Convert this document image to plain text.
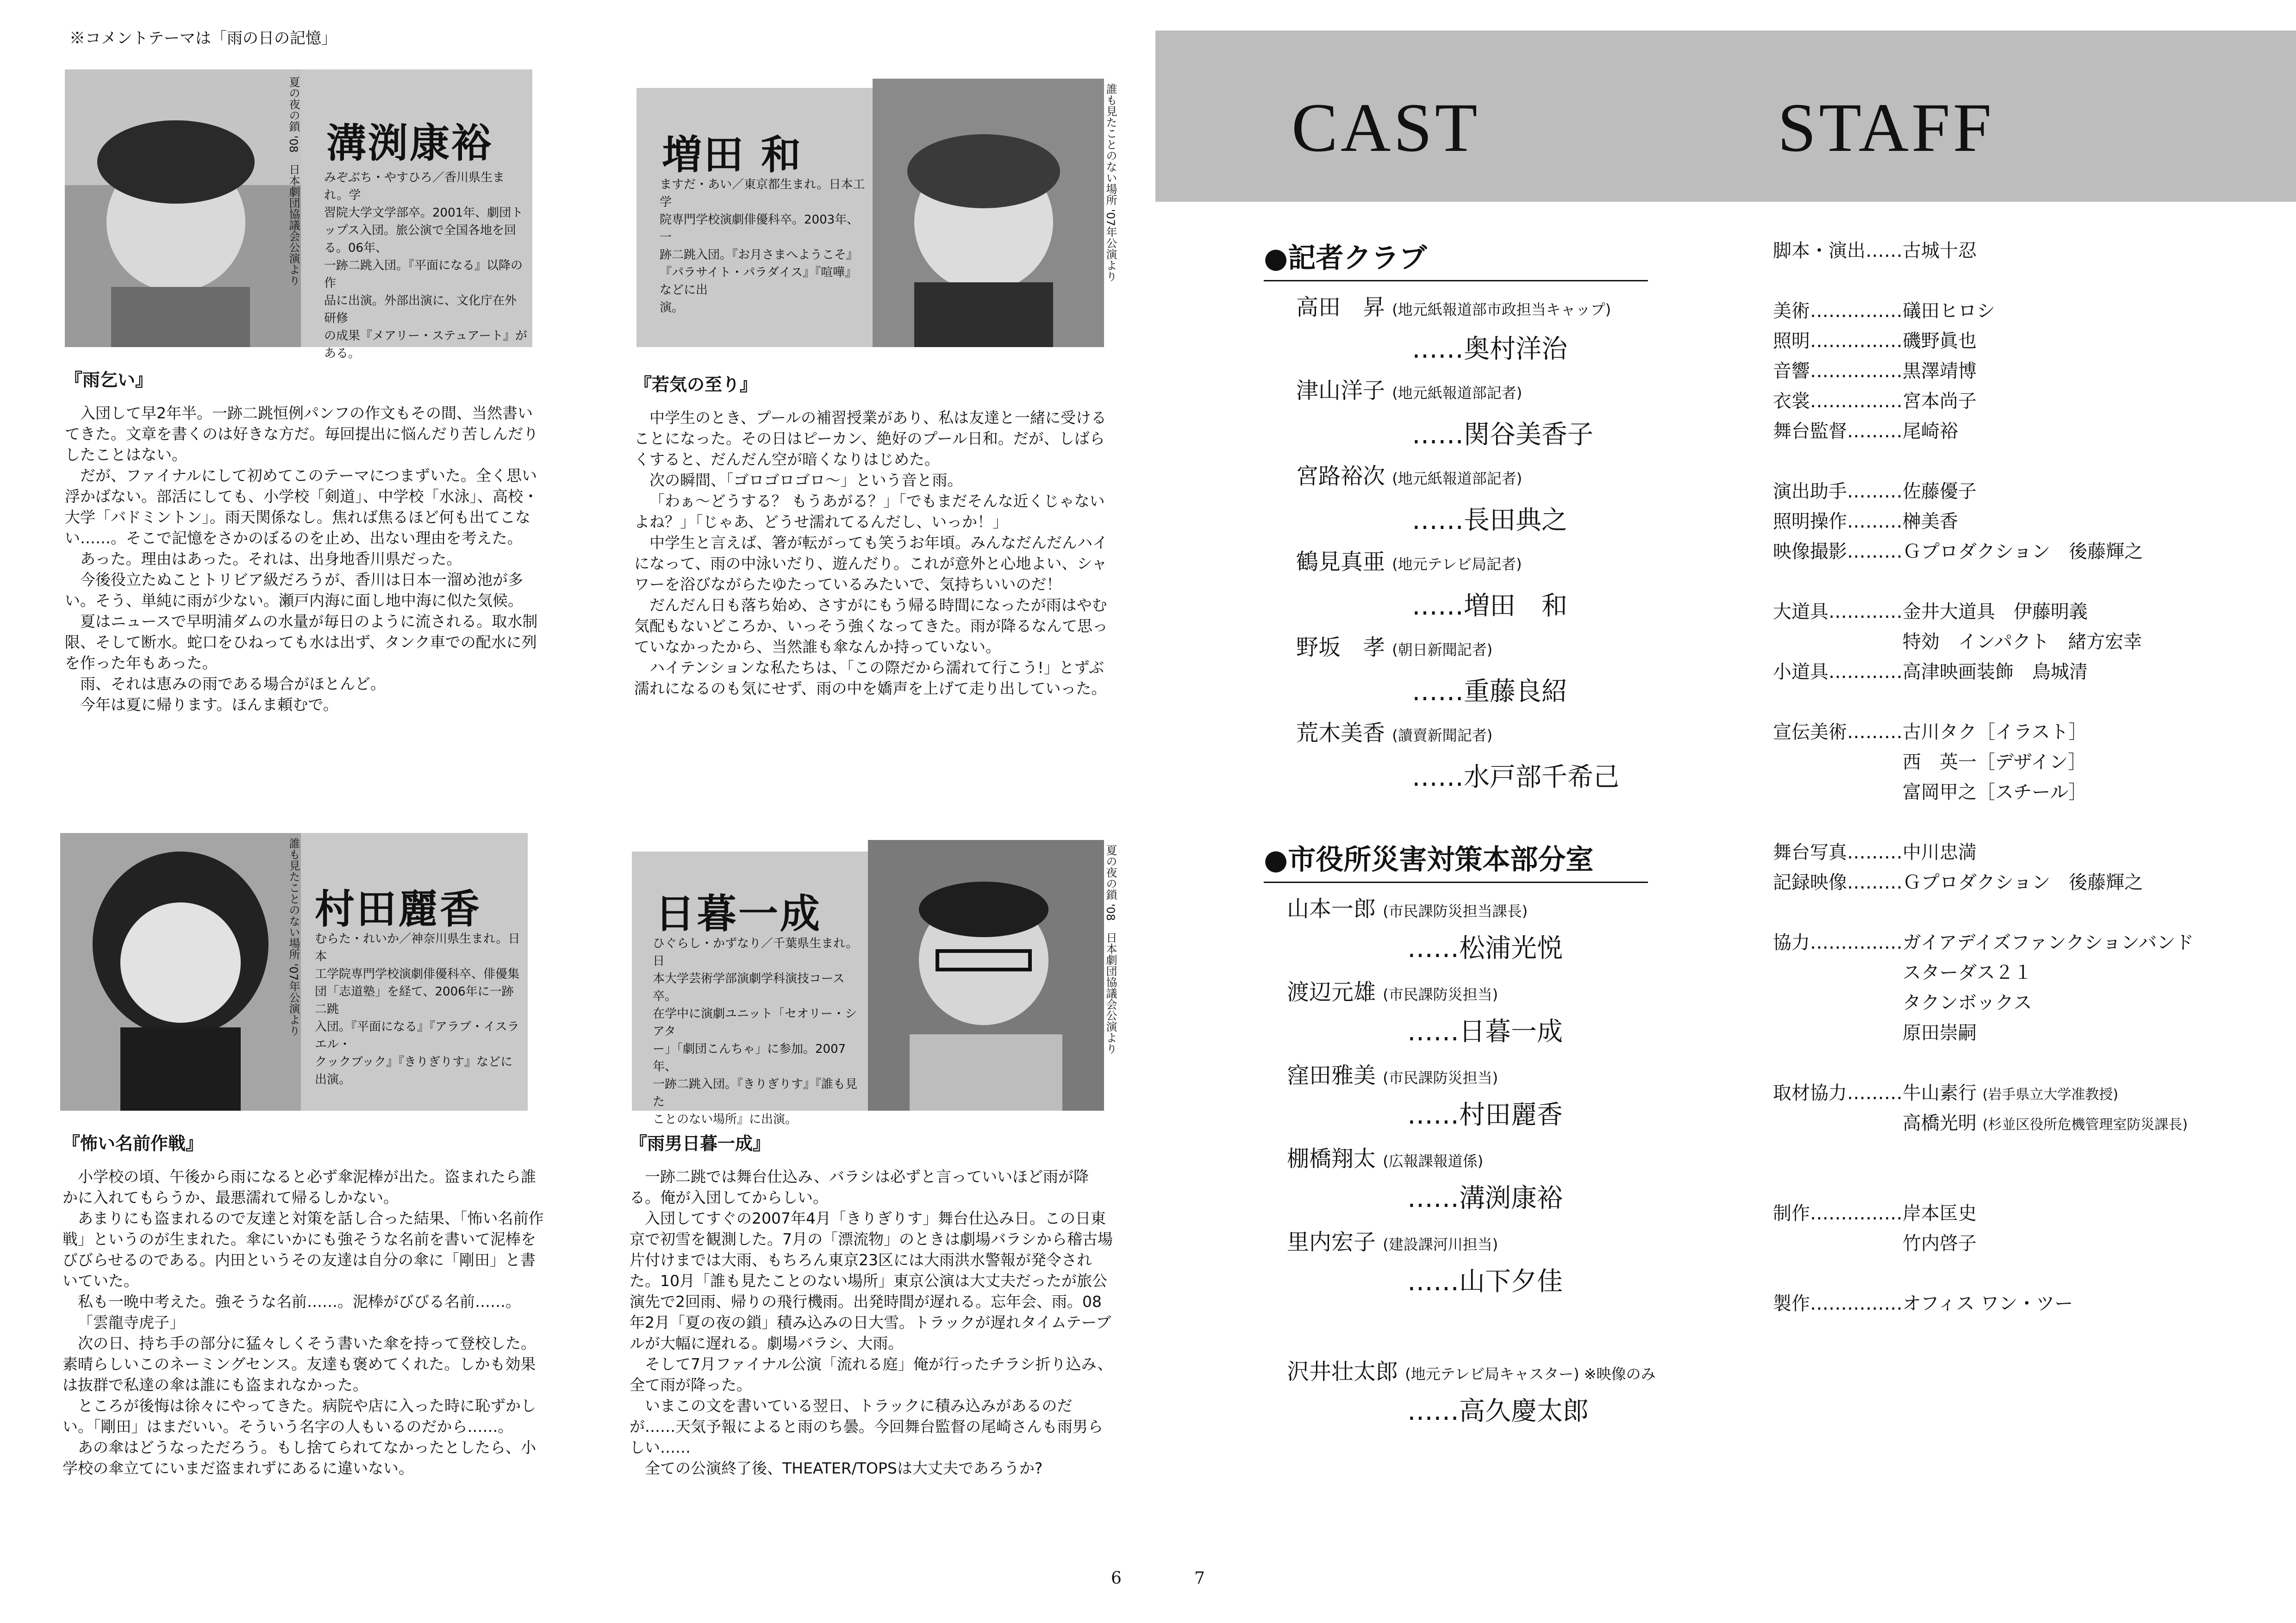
※コメントテーマは「雨の日の記憶」
夏の夜の鎖 '08　日本劇団協議会公演より 溝渕康裕
みぞぶち・やすひろ／香川県生まれ。学
習院大学文学部卒。2001年、劇団ト
ップス入団。旅公演で全国各地を回る。06年、
一跡二跳入団。『平面になる』以降の作
品に出演。外部出演に、文化庁在外研修
の成果『メアリー・ステュアート』がある。
『雨乞い』

入団して早2年半。一跡二跳恒例パンフの作文もその間、当然書いてきた。文章を書くのは好きな方だ。毎回提出に悩んだり苦しんだりしたことはない。

だが、ファイナルにして初めてこのテーマにつまずいた。全く思い浮かばない。部活にしても、小学校「剣道」、中学校「水泳」、高校・大学「バドミントン」。雨天関係なし。焦れば焦るほど何も出てこない……。そこで記憶をさかのぼるのを止め、出ない理由を考えた。

あった。理由はあった。それは、出身地香川県だった。

今後役立たぬことトリビア級だろうが、香川は日本一溜め池が多い。そう、単純に雨が少ない。瀬戸内海に面し地中海に似た気候。

夏はニュースで早明浦ダムの水量が毎日のように流される。取水制限、そして断水。蛇口をひねっても水は出ず、タンク車での配水に列を作った年もあった。

雨、それは恵みの雨である場合がほとんど。

今年は夏に帰ります。ほんま頼むで。

誰も見たことのない場所 '07年公演より
増田 和
ますだ・あい／東京都生まれ。日本工学
院専門学校演劇俳優科卒。2003年、一
跡二跳入団。『お月さまへようこそ』
『パラサイト・パラダイス』『喧嘩』などに出
演。
『若気の至り』

中学生のとき、プールの補習授業があり、私は友達と一緒に受けることになった。その日はピーカン、絶好のプール日和。だが、しばらくすると、だんだん空が暗くなりはじめた。

次の瞬間、「ゴロゴロゴロ〜」という音と雨。

「わぁ〜どうする？ もうあがる？」「でもまだそんな近くじゃないよね？」「じゃあ、どうせ濡れてるんだし、いっか！」

中学生と言えば、箸が転がっても笑うお年頃。みんなだんだんハイになって、雨の中泳いだり、遊んだり。これが意外と心地よい、シャワーを浴びながらたゆたっているみたいで、気持ちいいのだ！

だんだん日も落ち始め、さすがにもう帰る時間になったが雨はやむ気配もないどころか、いっそう強くなってきた。雨が降るなんて思っていなかったから、当然誰も傘なんか持っていない。

ハイテンションな私たちは、「この際だから濡れて行こう!」とずぶ濡れになるのも気にせず、雨の中を嬌声を上げて走り出していった。

誰も見たことのない場所 '07年公演より 村田麗香
むらた・れいか／神奈川県生まれ。日本
工学院専門学校演劇俳優科卒、俳優集
団「志道塾」を経て、2006年に一跡二跳
入団。『平面になる』『アラブ・イスラエル・
クックブック』『きりぎりす』などに出演。
『怖い名前作戦』

小学校の頃、午後から雨になると必ず傘泥棒が出た。盗まれたら誰かに入れてもらうか、最悪濡れて帰るしかない。

あまりにも盗まれるので友達と対策を話し合った結果、「怖い名前作戦」というのが生まれた。傘にいかにも強そうな名前を書いて泥棒をびびらせるのである。内田というその友達は自分の傘に「剛田」と書いていた。

私も一晩中考えた。強そうな名前……。泥棒がびびる名前……。

「雲龍寺虎子」

次の日、持ち手の部分に猛々しくそう書いた傘を持って登校した。素晴らしいこのネーミングセンス。友達も褒めてくれた。しかも効果は抜群で私達の傘は誰にも盗まれなかった。

ところが後悔は徐々にやってきた。病院や店に入った時に恥ずかしい。「剛田」はまだいい。そういう名字の人もいるのだから……。

あの傘はどうなっただろう。もし捨てられてなかったとしたら、小学校の傘立てにいまだ盗まれずにあるに違いない。

夏の夜の鎖 '08　日本劇団協議会公演より
日暮一成
ひぐらし・かずなり／千葉県生まれ。日
本大学芸術学部演劇学科演技コース卒。
在学中に演劇ユニット「セオリー・シアタ
ー」「劇団こんちゃ」に参加。2007年、
一跡二跳入団。『きりぎりす』『誰も見た
ことのない場所』に出演。
『雨男日暮一成』

一跡二跳では舞台仕込み、バラシは必ずと言っていいほど雨が降る。俺が入団してからしい。

入団してすぐの2007年4月「きりぎりす」舞台仕込み日。この日東京で初雪を観測した。7月の「漂流物」のときは劇場バラシから稽古場片付けまでは大雨、もちろん東京23区には大雨洪水警報が発令された。10月「誰も見たことのない場所」東京公演は大丈夫だったが旅公演先で2回雨、帰りの飛行機雨。出発時間が遅れる。忘年会、雨。08年2月「夏の夜の鎖」積み込みの日大雪。トラックが遅れタイムテーブルが大幅に遅れる。劇場バラシ、大雨。

そして7月ファイナル公演「流れる庭」俺が行ったチラシ折り込み、全て雨が降った。

いまこの文を書いている翌日、トラックに積み込みがあるのだが……天気予報によると雨のち曇。今回舞台監督の尾崎さんも雨男らしい……

全ての公演終了後、THEATER/TOPSは大丈夫であろうか?

6
CAST	STAFF
●記者クラブ
高田　昇 (地元紙報道部市政担当キャップ)
……奥村洋治
津山洋子 (地元紙報道部記者)
……関谷美香子
宮路裕次 (地元紙報道部記者)
……長田典之
鶴見真亜 (地元テレビ局記者)
……増田　和
野坂　孝 (朝日新聞記者)
……重藤良紹
荒木美香 (讀賣新聞記者)
……水戸部千希己
●市役所災害対策本部分室
山本一郎 (市民課防災担当課長)
……松浦光悦
渡辺元雄 (市民課防災担当)
……日暮一成
窪田雅美 (市民課防災担当)
……村田麗香
棚橋翔太 (広報課報道係)
……溝渕康裕
里内宏子 (建設課河川担当)
……山下夕佳
沢井壮太郎 (地元テレビ局キャスター) ※映像のみ
……高久慶太郎
脚本・演出……古城十忍
美術……………礒田ヒロシ
照明……………磯野眞也
音響……………黒澤靖博
衣裳……………宮本尚子
舞台監督………尾崎裕
演出助手………佐藤優子
照明操作………榊美香
映像撮影………Ｇプロダクション　後藤輝之
大道具…………金井大道具　伊藤明義
　　　　　　　特効　インパクト　緒方宏幸
小道具…………高津映画装飾　鳥城清
宣伝美術………古川タク［イラスト］
　　　　　　　西　英一［デザイン］
　　　　　　　富岡甲之［スチール］
舞台写真………中川忠満
記録映像………Ｇプロダクション　後藤輝之
協力……………ガイアデイズファンクションバンド
　　　　　　　スターダス２１
　　　　　　　タクンボックス
　　　　　　　原田崇嗣
取材協力………牛山素行 (岩手県立大学准教授)
　　　　　　　高橋光明 (杉並区役所危機管理室防災課長)
制作……………岸本匡史
　　　　　　　竹内啓子
製作……………オフィス ワン・ツー
7
